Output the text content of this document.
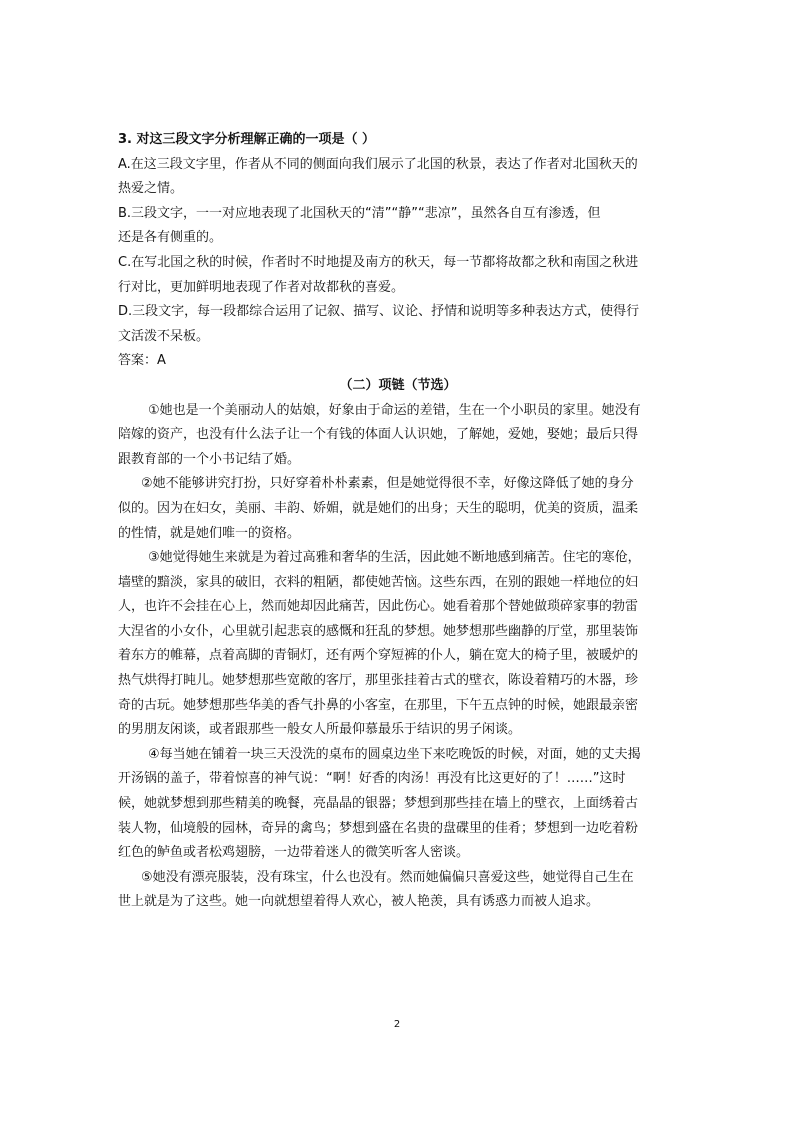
3. 对这三段文字分析理解正确的一项是（ ）
A.在这三段文字里，作者从不同的侧面向我们展示了北国的秋景，表达了作者对北国秋天的
热爱之情。
B.三段文字，一一对应地表现了北国秋天的“清”“静”“悲凉”，虽然各自互有渗透，但
还是各有侧重的。
C.在写北国之秋的时候，作者时不时地提及南方的秋天，每一节都将故都之秋和南国之秋进
行对比，更加鲜明地表现了作者对故都秋的喜爱。
D.三段文字，每一段都综合运用了记叙、描写、议论、抒情和说明等多种表达方式，使得行
文活泼不呆板。
答案：A
（二）项链（节选）
①她也是一个美丽动人的姑娘，好象由于命运的差错，生在一个小职员的家里。她没有
陪嫁的资产，也没有什么法子让一个有钱的体面人认识她，了解她，爱她，娶她；最后只得
跟教育部的一个小书记结了婚。
②她不能够讲究打扮，只好穿着朴朴素素，但是她觉得很不幸，好像这降低了她的身分
似的。因为在妇女，美丽、丰韵、娇媚，就是她们的出身；天生的聪明，优美的资质，温柔
的性情，就是她们唯一的资格。
③她觉得她生来就是为着过高雅和奢华的生活，因此她不断地感到痛苦。住宅的寒伧，
墙壁的黯淡，家具的破旧，衣料的粗陋，都使她苦恼。这些东西，在别的跟她一样地位的妇
人，也许不会挂在心上，然而她却因此痛苦，因此伤心。她看着那个替她做琐碎家事的勃雷
大涅省的小女仆，心里就引起悲哀的感慨和狂乱的梦想。她梦想那些幽静的厅堂，那里装饰
着东方的帷幕，点着高脚的青铜灯，还有两个穿短裤的仆人，躺在宽大的椅子里，被暖炉的
热气烘得打盹儿。她梦想那些宽敞的客厅，那里张挂着古式的壁衣，陈设着精巧的木器，珍
奇的古玩。她梦想那些华美的香气扑鼻的小客室，在那里，下午五点钟的时候，她跟最亲密
的男朋友闲谈，或者跟那些一般女人所最仰慕最乐于结识的男子闲谈。
④每当她在铺着一块三天没洗的桌布的圆桌边坐下来吃晚饭的时候，对面，她的丈夫揭
开汤锅的盖子，带着惊喜的神气说：“啊！好香的肉汤！再没有比这更好的了！……”这时
候，她就梦想到那些精美的晚餐，亮晶晶的银器；梦想到那些挂在墙上的壁衣，上面绣着古
装人物，仙境般的园林，奇异的禽鸟；梦想到盛在名贵的盘碟里的佳肴；梦想到一边吃着粉
红色的鲈鱼或者松鸡翅膀，一边带着迷人的微笑听客人密谈。
⑤她没有漂亮服装，没有珠宝，什么也没有。然而她偏偏只喜爱这些，她觉得自己生在
世上就是为了这些。她一向就想望着得人欢心，被人艳羡，具有诱惑力而被人追求。
2
